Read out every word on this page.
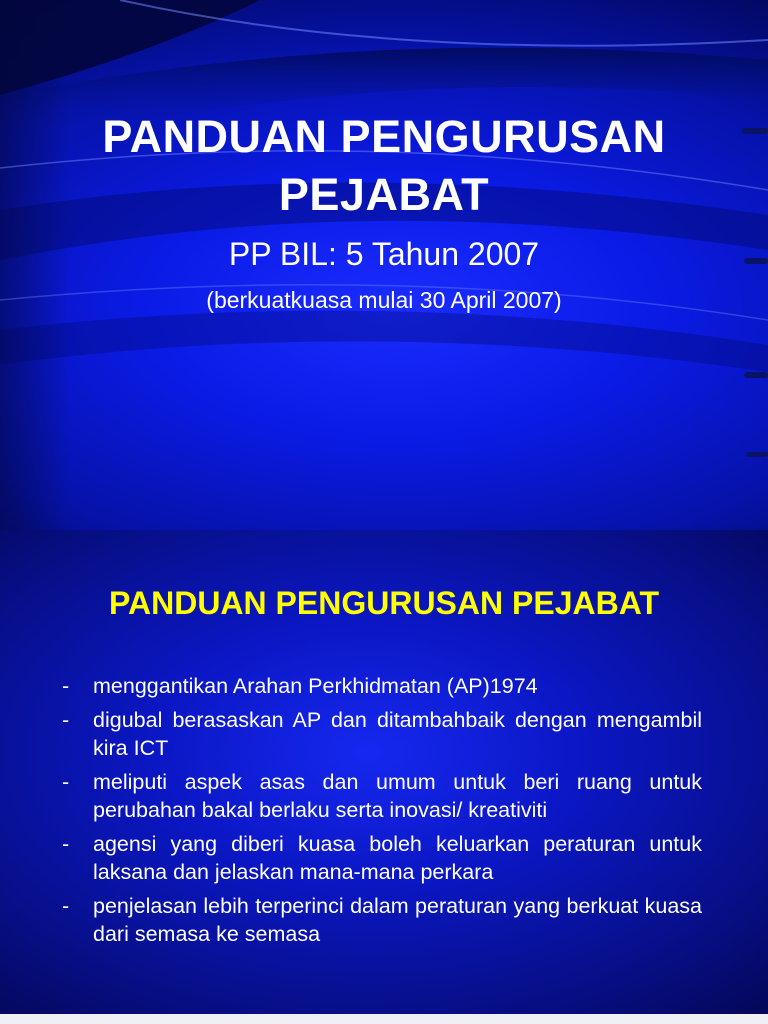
PANDUAN PENGURUSAN
PEJABAT
PP BIL: 5 Tahun 2007
(berkuatkuasa mulai 30 April 2007)
PANDUAN PENGURUSAN PEJABAT
- menggantikan Arahan Perkhidmatan (AP)1974
- digubal berasaskan AP dan ditambahbaik dengan mengambil kira ICT
- meliputi aspek asas dan umum untuk beri ruang untuk perubahan bakal berlaku serta inovasi/ kreativiti
- agensi yang diberi kuasa boleh keluarkan peraturan untuk laksana dan jelaskan mana-mana perkara
- penjelasan lebih terperinci dalam peraturan yang berkuat kuasa dari semasa ke semasa
